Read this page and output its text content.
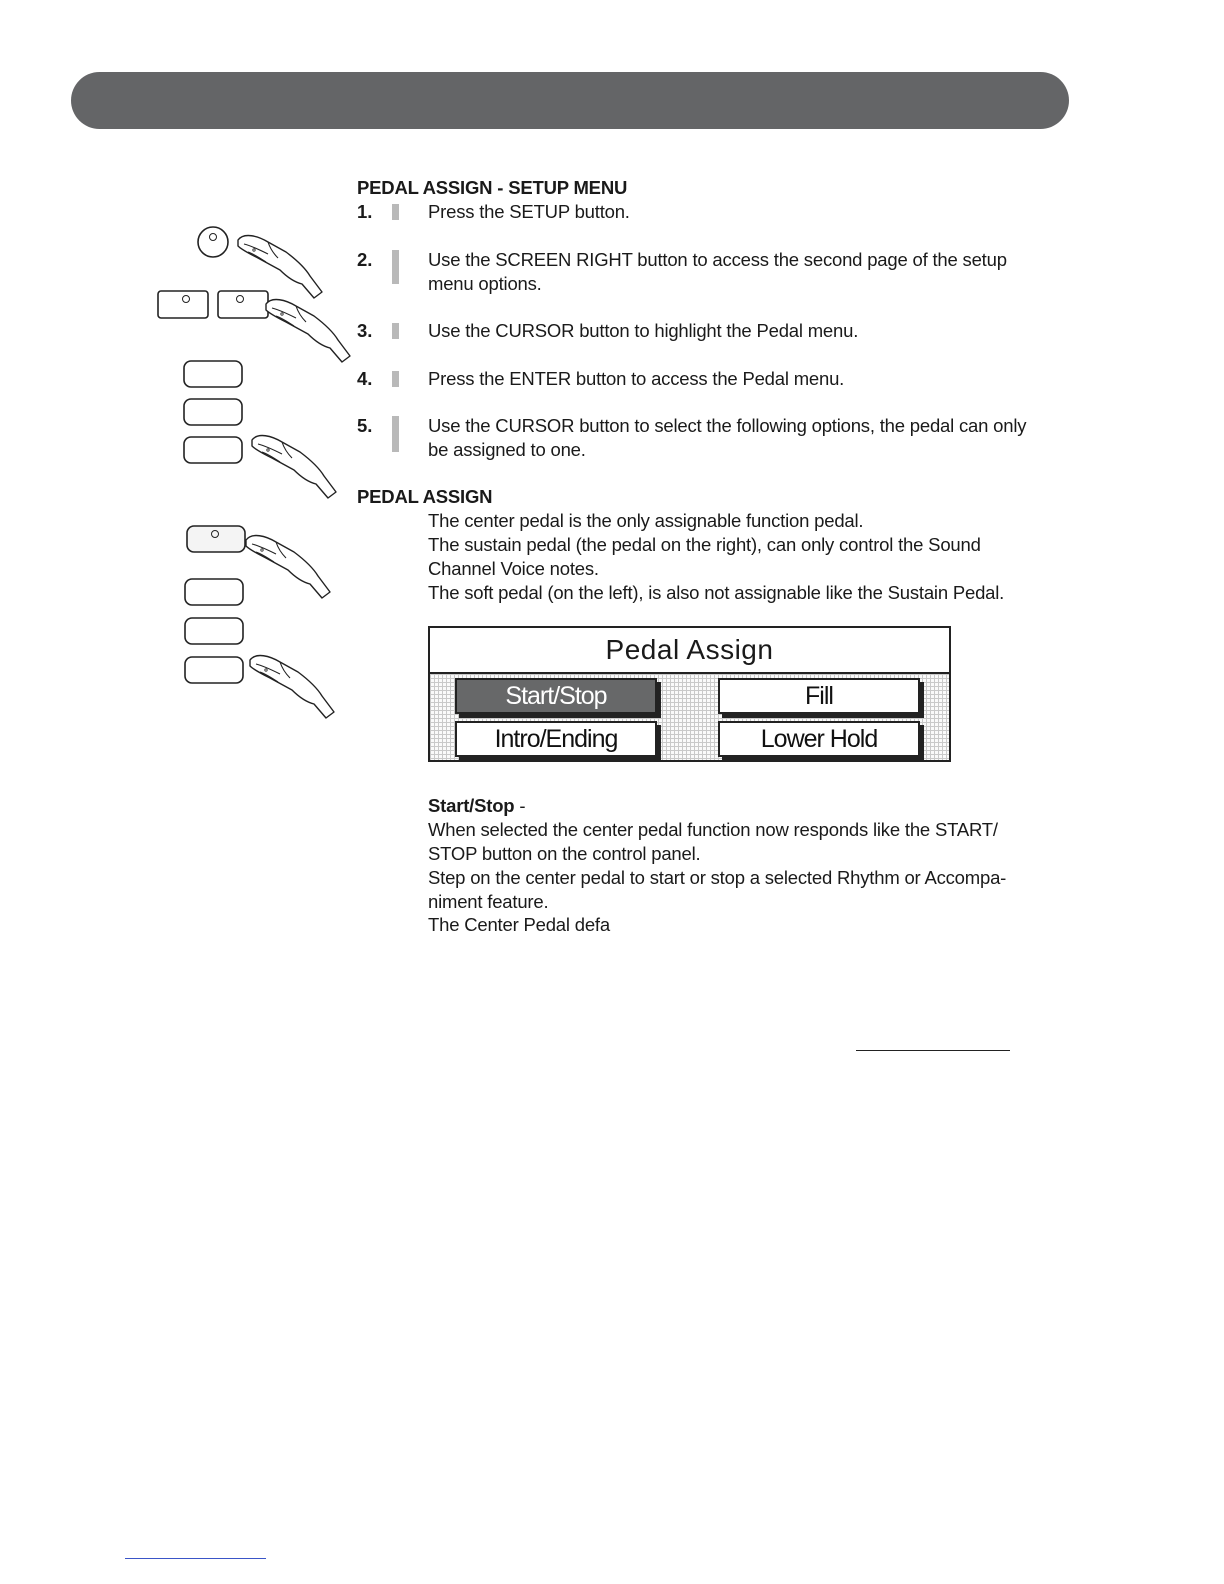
PEDAL ASSIGN - SETUP MENU
1.	Press the SETUP button.
2.	Use the SCREEN RIGHT button to access the second page of the setup
menu options.
3.	Use the CURSOR button to highlight the Pedal menu.
4.	Press the ENTER button to access the Pedal menu.
5.	Use the CURSOR button to select the following options, the pedal can only
be assigned to one.
PEDAL ASSIGN
The center pedal is the only assignable function pedal.
The sustain pedal (the pedal on the right), can only control the Sound
Channel Voice notes.
The soft pedal (on the left), is also not assignable like the Sustain Pedal.
Pedal Assign
Start/Stop	Fill
Intro/Ending	Lower Hold
Start/Stop -
When selected the center pedal function now responds like the START/
STOP button on the control panel.
Step on the center pedal to start or stop a selected Rhythm or Accompa-
niment feature.
The Center Pedal defa
